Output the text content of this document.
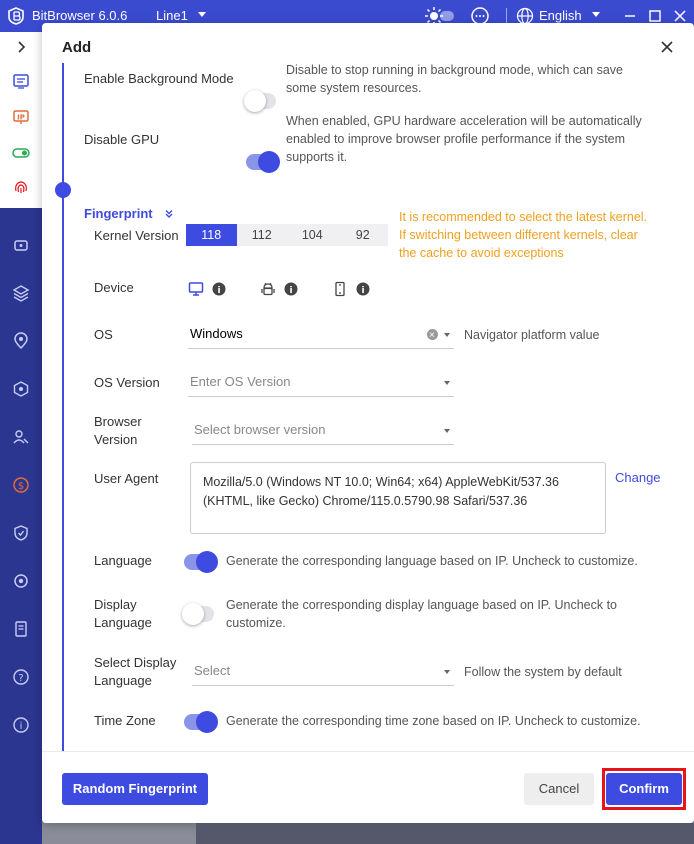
BitBrowser 6.0.6 Line1	English
$
?
i
IP
Add
Enable Background Mode
Disable to stop running in background mode, which can save
some system resources.
Disable GPU
When enabled, GPU hardware acceleration will be automatically
enabled to improve browser profile performance if the system
supports it.
Fingerprint
Kernel Version	118	112	104	92
It is recommended to select the latest kernel.
If switching between different kernels, clear
the cache to avoid exceptions
Device	i	i	i
OS	Windows
×	Navigator platform value
OS Version Enter OS Version
Browser
Version
Select browser version
User Agent	Mozilla/5.0 (Windows NT 10.0; Win64; x64) AppleWebKit/537.36
(KHTML, like Gecko) Chrome/115.0.5790.98 Safari/537.36
Change
Language	Generate the corresponding language based on IP. Uncheck to customize.
Display
Language
Generate the corresponding display language based on IP. Uncheck to
customize.
Select Display
Language
Select	Follow the system by default
Time Zone	Generate the corresponding time zone based on IP. Uncheck to customize.
Random Fingerprint	Cancel	Confirm
